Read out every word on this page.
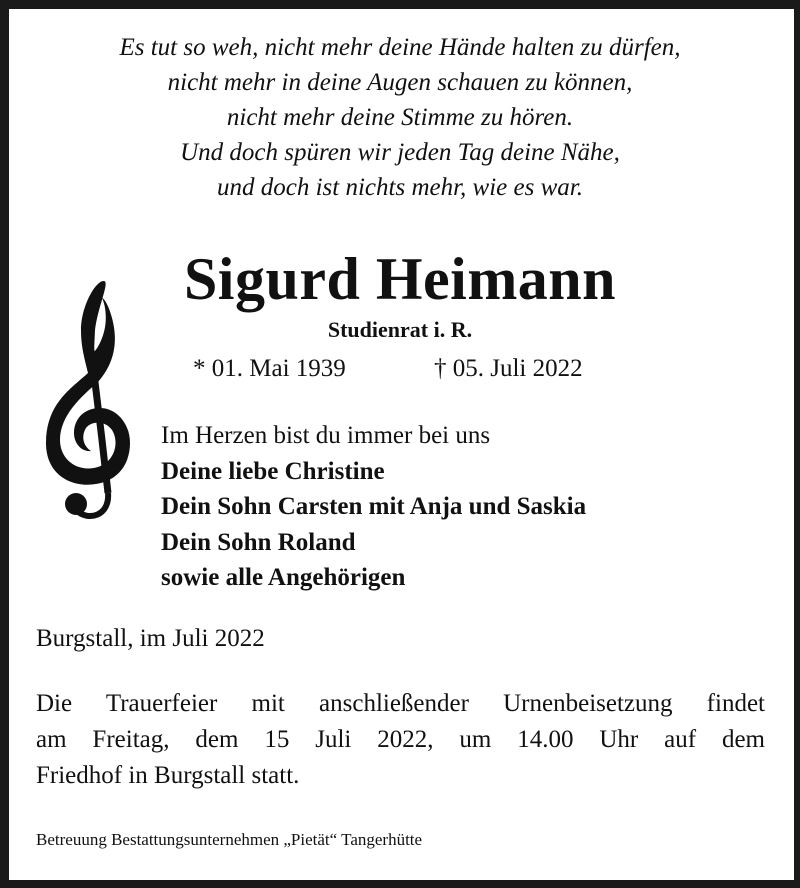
Es tut so weh, nicht mehr deine Hände halten zu dürfen,
nicht mehr in deine Augen schauen zu können,
nicht mehr deine Stimme zu hören.
Und doch spüren wir jeden Tag deine Nähe,
und doch ist nichts mehr, wie es war.
Sigurd Heimann
Studienrat i. R.
* 01. Mai 1939	† 05. Juli 2022
Im Herzen bist du immer bei uns
Deine liebe Christine
Dein Sohn Carsten mit Anja und Saskia
Dein Sohn Roland
sowie alle Angehörigen
Burgstall, im Juli 2022
Die Trauerfeier mit anschließender Urnenbeisetzung findet
am Freitag, dem 15 Juli 2022, um 14.00 Uhr auf dem
Friedhof in Burgstall statt.
Betreuung Bestattungsunternehmen „Pietät“ Tangerhütte
